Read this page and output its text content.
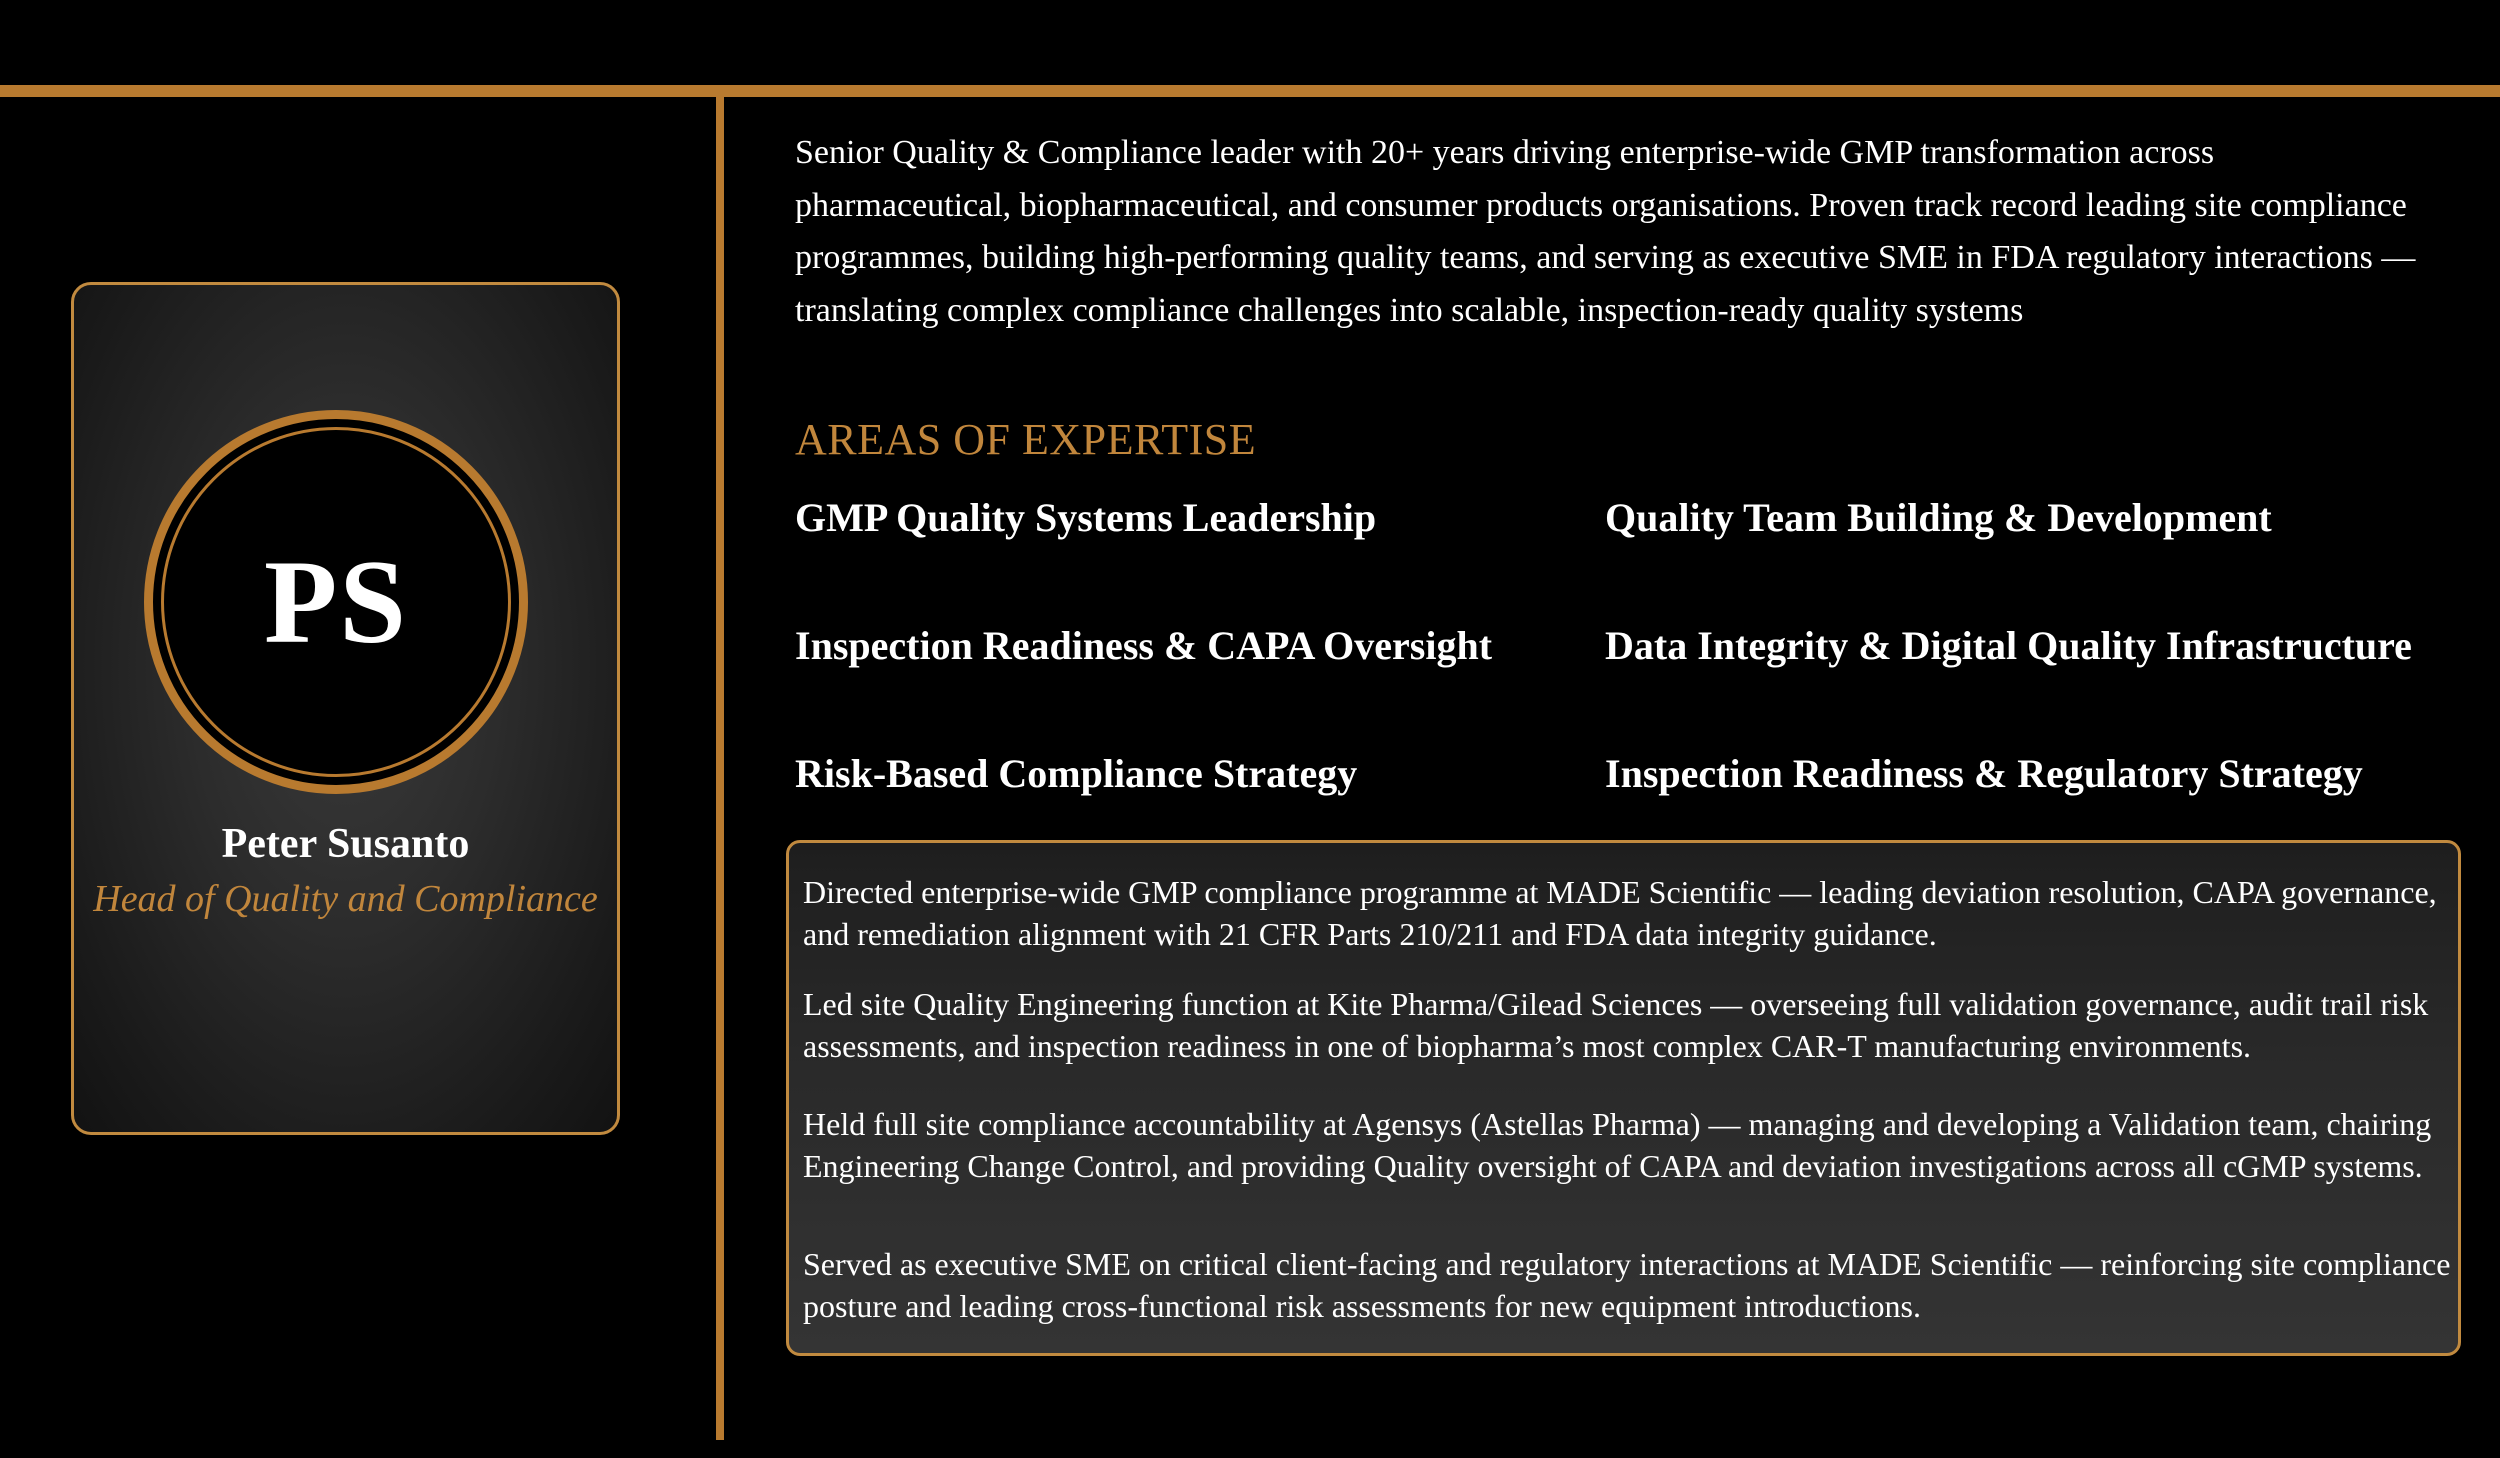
PS
Peter Susanto
Head of Quality and Compliance

Senior Quality & Compliance leader with 20+ years driving enterprise-wide GMP transformation across pharmaceutical, biopharmaceutical, and consumer products organisations. Proven track record leading site compliance programmes, building high-performing quality teams, and serving as executive SME in FDA regulatory interactions — translating complex compliance challenges into scalable, inspection-ready quality systems

AREAS OF EXPERTISE
GMP Quality Systems Leadership	Quality Team Building & Development
Inspection Readiness & CAPA Oversight	Data Integrity & Digital Quality Infrastructure
Risk-Based Compliance Strategy	Inspection Readiness & Regulatory Strategy

Directed enterprise-wide GMP compliance programme at MADE Scientific — leading deviation resolution, CAPA governance, and remediation alignment with 21 CFR Parts 210/211 and FDA data integrity guidance.

Led site Quality Engineering function at Kite Pharma/Gilead Sciences — overseeing full validation governance, audit trail risk assessments, and inspection readiness in one of biopharma’s most complex CAR-T manufacturing environments.

Held full site compliance accountability at Agensys (Astellas Pharma) — managing and developing a Validation team, chairing Engineering Change Control, and providing Quality oversight of CAPA and deviation investigations across all cGMP systems.

Served as executive SME on critical client-facing and regulatory interactions at MADE Scientific — reinforcing site compliance posture and leading cross-functional risk assessments for new equipment introductions.
